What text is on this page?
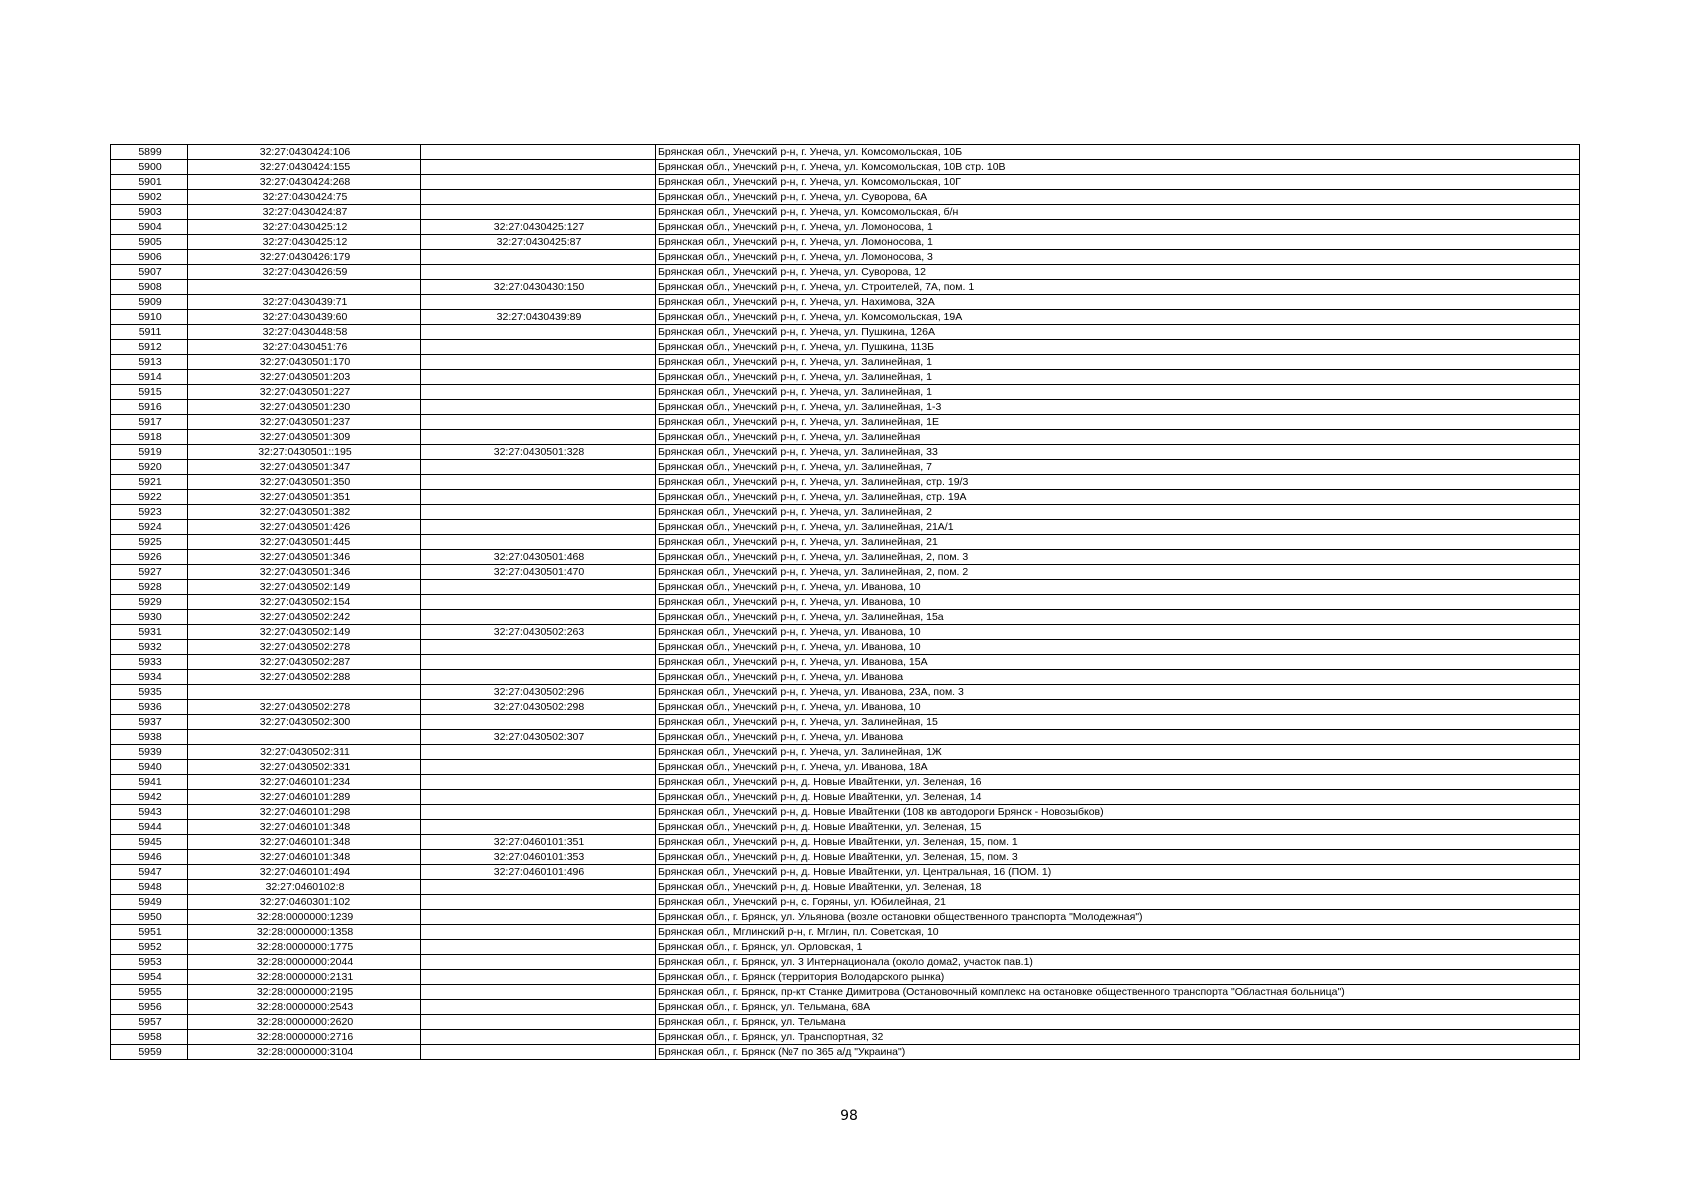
5899	32:27:0430424:106		Брянская обл., Унечский р-н, г. Унеча, ул. Комсомольская, 10Б
5900	32:27:0430424:155		Брянская обл., Унечский р-н, г. Унеча, ул. Комсомольская, 10В стр. 10В
5901	32:27:0430424:268		Брянская обл., Унечский р-н, г. Унеча, ул. Комсомольская, 10Г
5902	32:27:0430424:75		Брянская обл., Унечский р-н, г. Унеча, ул. Суворова, 6А
5903	32:27:0430424:87		Брянская обл., Унечский р-н, г. Унеча, ул. Комсомольская, б/н
5904	32:27:0430425:12	32:27:0430425:127	Брянская обл., Унечский р-н, г. Унеча, ул. Ломоносова, 1
5905	32:27:0430425:12	32:27:0430425:87	Брянская обл., Унечский р-н, г. Унеча, ул. Ломоносова, 1
5906	32:27:0430426:179		Брянская обл., Унечский р-н, г. Унеча, ул. Ломоносова, 3
5907	32:27:0430426:59		Брянская обл., Унечский р-н, г. Унеча, ул. Суворова, 12
5908		32:27:0430430:150	Брянская обл., Унечский р-н, г. Унеча, ул. Строителей, 7А, пом. 1
5909	32:27:0430439:71		Брянская обл., Унечский р-н, г. Унеча, ул. Нахимова, 32А
5910	32:27:0430439:60	32:27:0430439:89	Брянская обл., Унечский р-н, г. Унеча, ул. Комсомольская, 19А
5911	32:27:0430448:58		Брянская обл., Унечский р-н, г. Унеча, ул. Пушкина, 126А
5912	32:27:0430451:76		Брянская обл., Унечский р-н, г. Унеча, ул. Пушкина, 113Б
5913	32:27:0430501:170		Брянская обл., Унечский р-н, г. Унеча, ул. Залинейная, 1
5914	32:27:0430501:203		Брянская обл., Унечский р-н, г. Унеча, ул. Залинейная, 1
5915	32:27:0430501:227		Брянская обл., Унечский р-н, г. Унеча, ул. Залинейная, 1
5916	32:27:0430501:230		Брянская обл., Унечский р-н, г. Унеча, ул. Залинейная, 1-3
5917	32:27:0430501:237		Брянская обл., Унечский р-н, г. Унеча, ул. Залинейная, 1Е
5918	32:27:0430501:309		Брянская обл., Унечский р-н, г. Унеча, ул. Залинейная
5919	32:27:0430501::195	32:27:0430501:328	Брянская обл., Унечский р-н, г. Унеча, ул. Залинейная, 33
5920	32:27:0430501:347		Брянская обл., Унечский р-н, г. Унеча, ул. Залинейная, 7
5921	32:27:0430501:350		Брянская обл., Унечский р-н, г. Унеча, ул. Залинейная, стр. 19/3
5922	32:27:0430501:351		Брянская обл., Унечский р-н, г. Унеча, ул. Залинейная, стр. 19А
5923	32:27:0430501:382		Брянская обл., Унечский р-н, г. Унеча, ул. Залинейная, 2
5924	32:27:0430501:426		Брянская обл., Унечский р-н, г. Унеча, ул. Залинейная, 21А/1
5925	32:27:0430501:445		Брянская обл., Унечский р-н, г. Унеча, ул. Залинейная, 21
5926	32:27:0430501:346	32:27:0430501:468	Брянская обл., Унечский р-н, г. Унеча, ул. Залинейная, 2, пом. 3
5927	32:27:0430501:346	32:27:0430501:470	Брянская обл., Унечский р-н, г. Унеча, ул. Залинейная, 2, пом. 2
5928	32:27:0430502:149		Брянская обл., Унечский р-н, г. Унеча, ул. Иванова, 10
5929	32:27:0430502:154		Брянская обл., Унечский р-н, г. Унеча, ул. Иванова, 10
5930	32:27:0430502:242		Брянская обл., Унечский р-н, г. Унеча, ул. Залинейная, 15а
5931	32:27:0430502:149	32:27:0430502:263	Брянская обл., Унечский р-н, г. Унеча, ул. Иванова, 10
5932	32:27:0430502:278		Брянская обл., Унечский р-н, г. Унеча, ул. Иванова, 10
5933	32:27:0430502:287		Брянская обл., Унечский р-н, г. Унеча, ул. Иванова, 15А
5934	32:27:0430502:288		Брянская обл., Унечский р-н, г. Унеча, ул. Иванова
5935		32:27:0430502:296	Брянская обл., Унечский р-н, г. Унеча, ул. Иванова, 23А, пом. 3
5936	32:27:0430502:278	32:27:0430502:298	Брянская обл., Унечский р-н, г. Унеча, ул. Иванова, 10
5937	32:27:0430502:300		Брянская обл., Унечский р-н, г. Унеча, ул. Залинейная, 15
5938		32:27:0430502:307	Брянская обл., Унечский р-н, г. Унеча, ул. Иванова
5939	32:27:0430502:311		Брянская обл., Унечский р-н, г. Унеча, ул. Залинейная, 1Ж
5940	32:27:0430502:331		Брянская обл., Унечский р-н, г. Унеча, ул. Иванова, 18А
5941	32:27:0460101:234		Брянская обл., Унечский р-н, д. Новые Ивайтенки, ул. Зеленая, 16
5942	32:27:0460101:289		Брянская обл., Унечский р-н, д. Новые Ивайтенки, ул. Зеленая, 14
5943	32:27:0460101:298		Брянская обл., Унечский р-н, д. Новые Ивайтенки (108 кв автодороги Брянск - Новозыбков)
5944	32:27:0460101:348		Брянская обл., Унечский р-н, д. Новые Ивайтенки, ул. Зеленая, 15
5945	32:27:0460101:348	32:27:0460101:351	Брянская обл., Унечский р-н, д. Новые Ивайтенки, ул. Зеленая, 15, пом. 1
5946	32:27:0460101:348	32:27:0460101:353	Брянская обл., Унечский р-н, д. Новые Ивайтенки, ул. Зеленая, 15, пом. 3
5947	32:27:0460101:494	32:27:0460101:496	Брянская обл., Унечский р-н, д. Новые Ивайтенки, ул. Центральная, 16 (ПОМ. 1)
5948	32:27:0460102:8		Брянская обл., Унечский р-н, д. Новые Ивайтенки, ул. Зеленая, 18
5949	32:27:0460301:102		Брянская обл., Унечский р-н, с. Горяны, ул. Юбилейная, 21
5950	32:28:0000000:1239		Брянская обл., г. Брянск, ул. Ульянова (возле остановки общественного транспорта "Молодежная")
5951	32:28:0000000:1358		Брянская обл., Мглинский р-н, г. Мглин, пл. Советская, 10
5952	32:28:0000000:1775		Брянская обл., г. Брянск, ул. Орловская, 1
5953	32:28:0000000:2044		Брянская обл., г. Брянск, ул. 3 Интернационала (около дома2, участок пав.1)
5954	32:28:0000000:2131		Брянская обл., г. Брянск (территория Володарского рынка)
5955	32:28:0000000:2195		Брянская обл., г. Брянск, пр-кт Станке Димитрова (Остановочный комплекс на остановке общественного транспорта "Областная больница")
5956	32:28:0000000:2543		Брянская обл., г. Брянск, ул. Тельмана, 68А
5957	32:28:0000000:2620		Брянская обл., г. Брянск, ул. Тельмана
5958	32:28:0000000:2716		Брянская обл., г. Брянск, ул. Транспортная, 32
5959	32:28:0000000:3104		Брянская обл., г. Брянск (№7 по 365 а/д "Украина")
98
